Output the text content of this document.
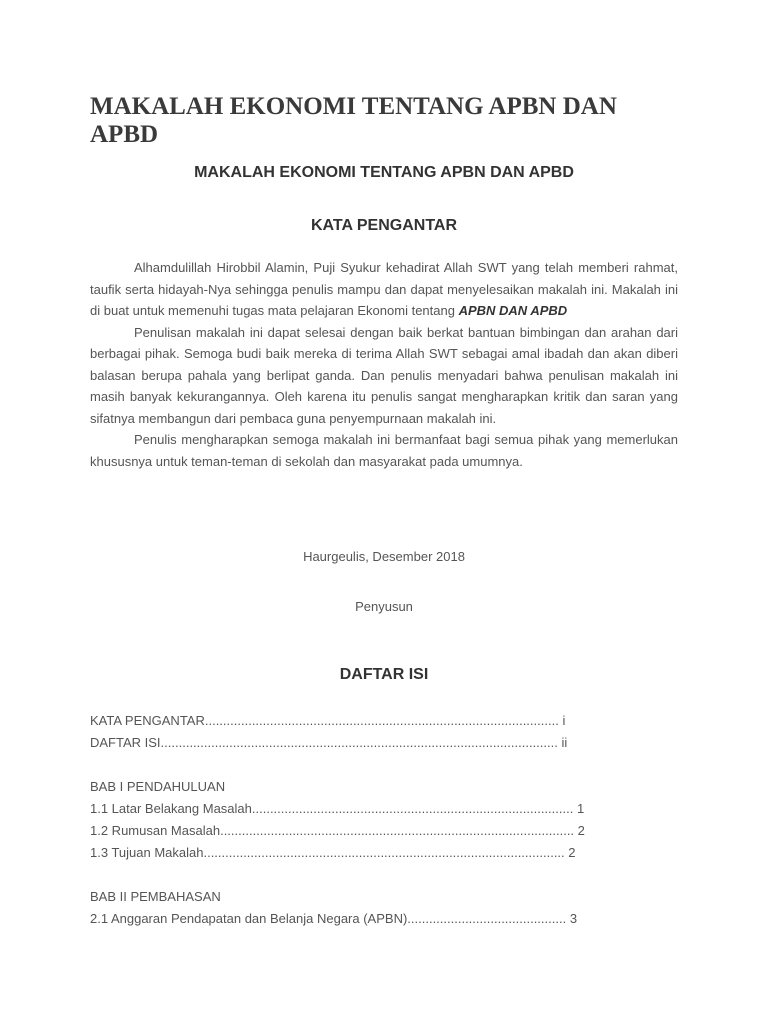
MAKALAH EKONOMI TENTANG APBN DAN APBD
MAKALAH EKONOMI TENTANG APBN DAN APBD
KATA PENGANTAR

Alhamdulillah Hirobbil Alamin, Puji Syukur kehadirat Allah SWT yang telah memberi rahmat, taufik serta hidayah-Nya sehingga penulis mampu dan dapat menyelesaikan makalah ini. Makalah ini di buat untuk memenuhi tugas mata pelajaran Ekonomi tentang APBN DAN APBD

Penulisan makalah ini dapat selesai dengan baik berkat bantuan bimbingan dan arahan dari berbagai pihak. Semoga budi baik mereka di terima Allah SWT sebagai amal ibadah dan akan diberi balasan berupa pahala yang berlipat ganda. Dan penulis menyadari bahwa penulisan makalah ini masih banyak kekurangannya. Oleh karena itu penulis sangat mengharapkan kritik dan saran yang sifatnya membangun dari pembaca guna penyempurnaan makalah ini.

Penulis mengharapkan semoga makalah ini bermanfaat bagi semua pihak yang memerlukan khususnya untuk teman-teman di sekolah dan masyarakat pada umumnya.

Haurgeulis, Desember 2018
Penyusun
DAFTAR ISI
KATA PENGANTAR.................................................................................................. i
DAFTAR ISI.............................................................................................................. ii
BAB I PENDAHULUAN
1.1 Latar Belakang Masalah......................................................................................... 1
1.2 Rumusan Masalah.................................................................................................. 2
1.3 Tujuan Makalah.................................................................................................... 2
BAB II PEMBAHASAN
2.1 Anggaran Pendapatan dan Belanja Negara (APBN)............................................ 3
